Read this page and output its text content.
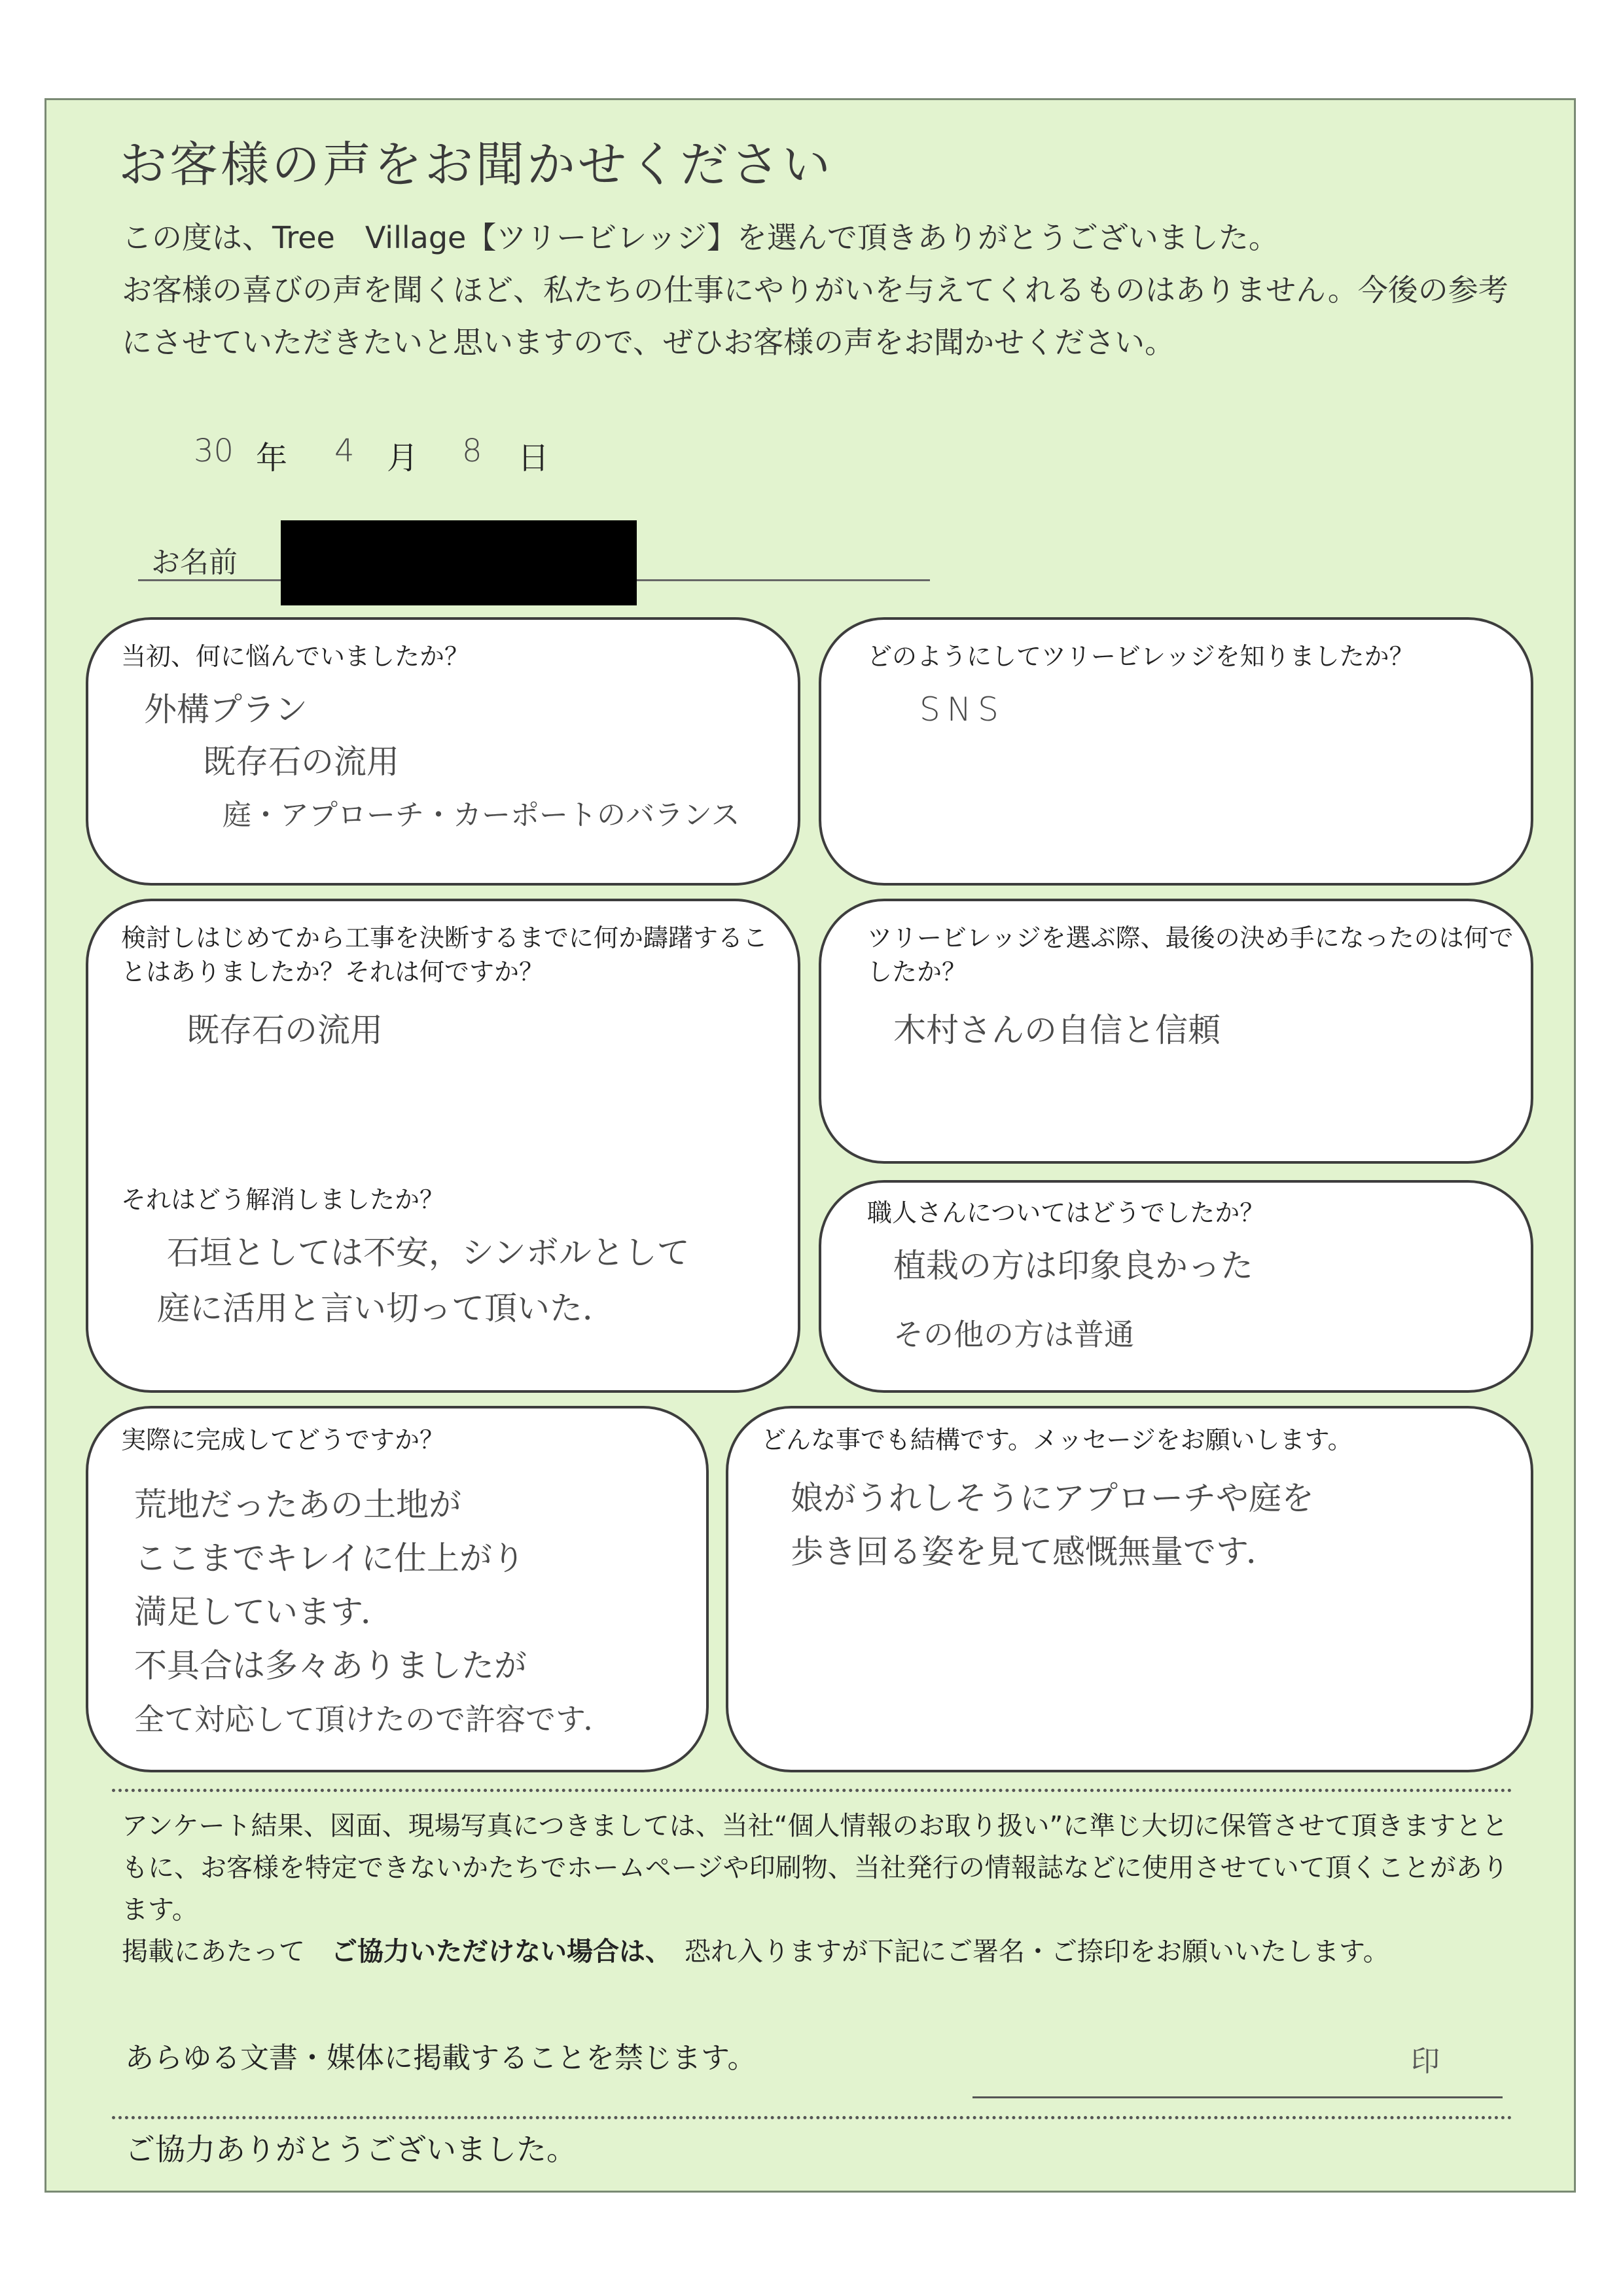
お客様の声をお聞かせください
この度は、Tree　Village【ツリービレッジ】を選んで頂きありがとうございました。
お客様の喜びの声を聞くほど、私たちの仕事にやりがいを与えてくれるものはありません。今後の参考にさせていただきたいと思いますので、ぜひお客様の声をお聞かせください。
30 年 4 月 8 日
お名前
当初、何に悩んでいましたか？
外構プラン
既存石の流用
庭・アプローチ・カーポートのバランス
どのようにしてツリービレッジを知りましたか？
SNS
検討しはじめてから工事を決断するまでに何か躊躇することはありましたか？それは何ですか？
既存石の流用
それはどう解消しましたか？
石垣としては不安，シンボルとして
庭に活用と言い切って頂いた．
ツリービレッジを選ぶ際、最後の決め手になったのは何でしたか？
木村さんの自信と信頼
職人さんについてはどうでしたか？
植栽の方は印象良かった
その他の方は普通
実際に完成してどうですか？
荒地だったあの土地が
ここまでキレイに仕上がり
満足しています．
不具合は多々ありましたが
全て対応して頂けたので許容です．
どんな事でも結構です。メッセージをお願いします。
娘がうれしそうにアプローチや庭を
歩き回る姿を見て感慨無量です．
アンケート結果、図面、現場写真につきましては、当社“個人情報のお取り扱い”に準じ大切に保管させて頂きますとともに、お客様を特定できないかたちでホームページや印刷物、当社発行の情報誌などに使用させていて頂くことがあります。
掲載にあたって　 ご協力いただけない場合は、　 恐れ入りますが下記にご署名・ご捺印をお願いいたします。
あらゆる文書・媒体に掲載することを禁じます。	印
ご協力ありがとうございました。
